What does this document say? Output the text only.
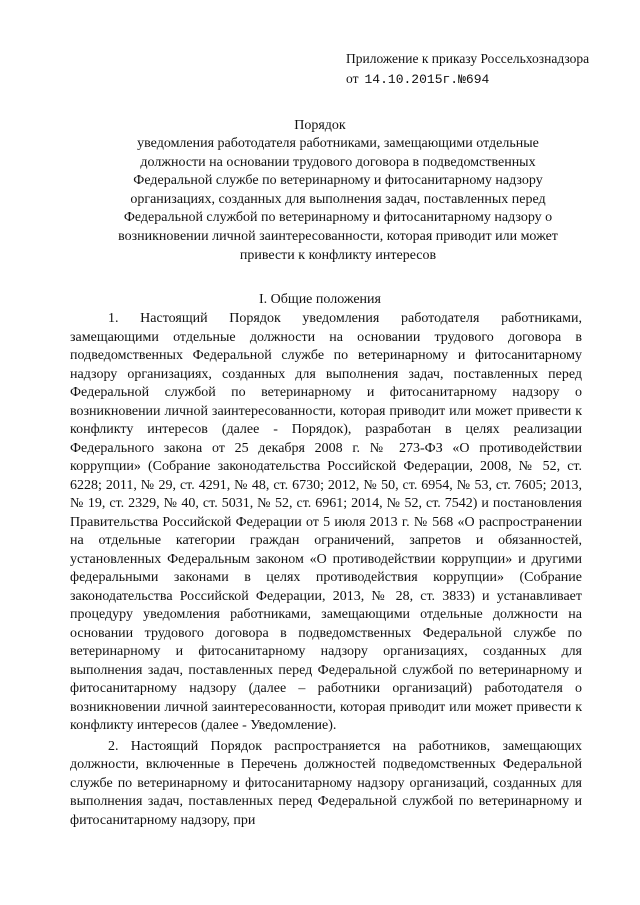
Приложение к приказу Россельхознадзора
от 14.10.2015г.№694
Порядок
уведомления работодателя работниками, замещающими отдельные должности на основании трудового договора в подведомственных Федеральной службе по ветеринарному и фитосанитарному надзору организациях, созданных для выполнения задач, поставленных перед Федеральной службой по ветеринарному и фитосанитарному надзору о возникновении личной заинтересованности, которая приводит или может привести к конфликту интересов
I. Общие положения

1. Настоящий Порядок уведомления работодателя работниками, замещающими отдельные должности на основании трудового договора в подведомственных Федеральной службе по ветеринарному и фитосанитарному надзору организациях, созданных для выполнения задач, поставленных перед Федеральной службой по ветеринарному и фитосанитарному надзору о возникновении личной заинтересованности, которая приводит или может привести к конфликту интересов (далее - Порядок), разработан в целях реализации Федерального закона от 25 декабря 2008 г. № 273-ФЗ «О противодействии коррупции» (Собрание законодательства Российской Федерации, 2008, № 52, ст. 6228; 2011, № 29, ст. 4291, № 48, ст. 6730; 2012, № 50, ст. 6954, № 53, ст. 7605; 2013, № 19, ст. 2329, № 40, ст. 5031, № 52, ст. 6961; 2014, № 52, ст. 7542) и постановления Правительства Российской Федерации от 5 июля 2013 г. № 568 «О распространении на отдельные категории граждан ограничений, запретов и обязанностей, установленных Федеральным законом «О противодействии коррупции» и другими федеральными законами в целях противодействия коррупции» (Собрание законодательства Российской Федерации, 2013, № 28, ст. 3833) и устанавливает процедуру уведомления работниками, замещающими отдельные должности на основании трудового договора в подведомственных Федеральной службе по ветеринарному и фитосанитарному надзору организациях, созданных для выполнения задач, поставленных перед Федеральной службой по ветеринарному и фитосанитарному надзору (далее – работники организаций) работодателя о возникновении личной заинтересованности, которая приводит или может привести к конфликту интересов (далее - Уведомление).

2. Настоящий Порядок распространяется на работников, замещающих должности, включенные в Перечень должностей подведомственных Федеральной службе по ветеринарному и фитосанитарному надзору организаций, созданных для выполнения задач, поставленных перед Федеральной службой по ветеринарному и фитосанитарному надзору, при
